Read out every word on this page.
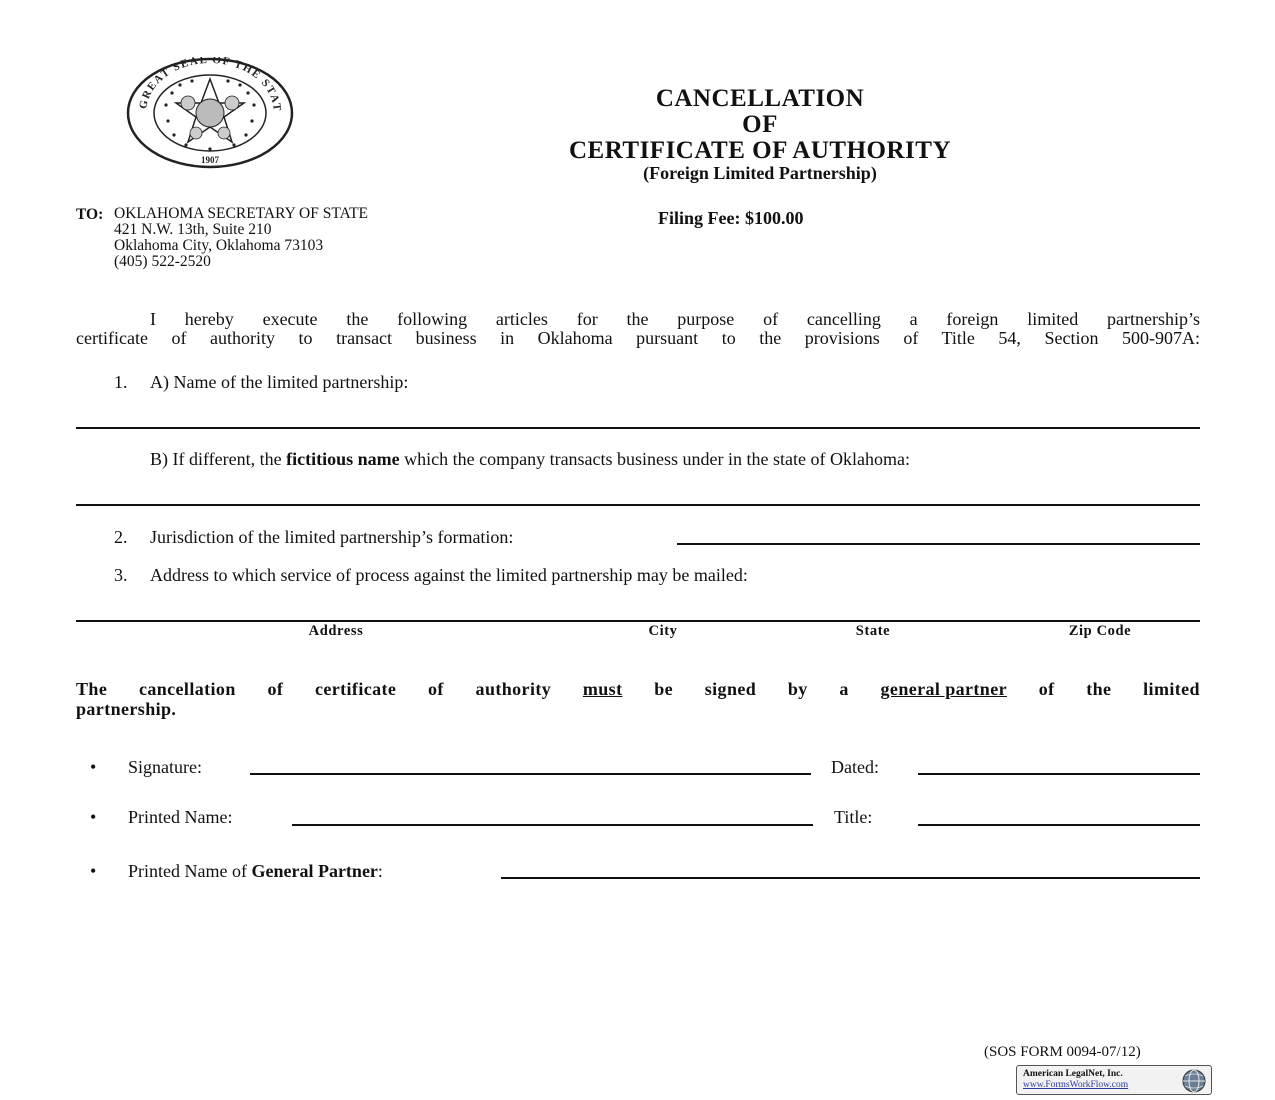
GREAT SEAL OF THE STAT
1907
CANCELLATION
OF
CERTIFICATE OF AUTHORITY
(Foreign Limited Partnership)
Filing Fee: $100.00
TO: OKLAHOMA SECRETARY OF STATE
421 N.W. 13th, Suite 210
Oklahoma City, Oklahoma 73103
(405) 522-2520

I hereby execute the following articles for the purpose of cancelling a foreign limited partnership’s

certificate of authority to transact business in Oklahoma pursuant to the provisions of Title 54, Section 500-907A:

1. A) Name of the limited partnership:
B) If different, the fictitious name which the company transacts business under in the state of Oklahoma:
2. Jurisdiction of the limited partnership’s formation:
3. Address to which service of process against the limited partnership may be mailed:
Address	City	State	Zip Code
The cancellation of certificate of authority must be signed by a general partner of the limited
partnership.
• Signature:	Dated:
• Printed Name:	Title:
• Printed Name of General Partner:
(SOS FORM 0094-07/12)
American LegalNet, Inc.
www.FormsWorkFlow.com
